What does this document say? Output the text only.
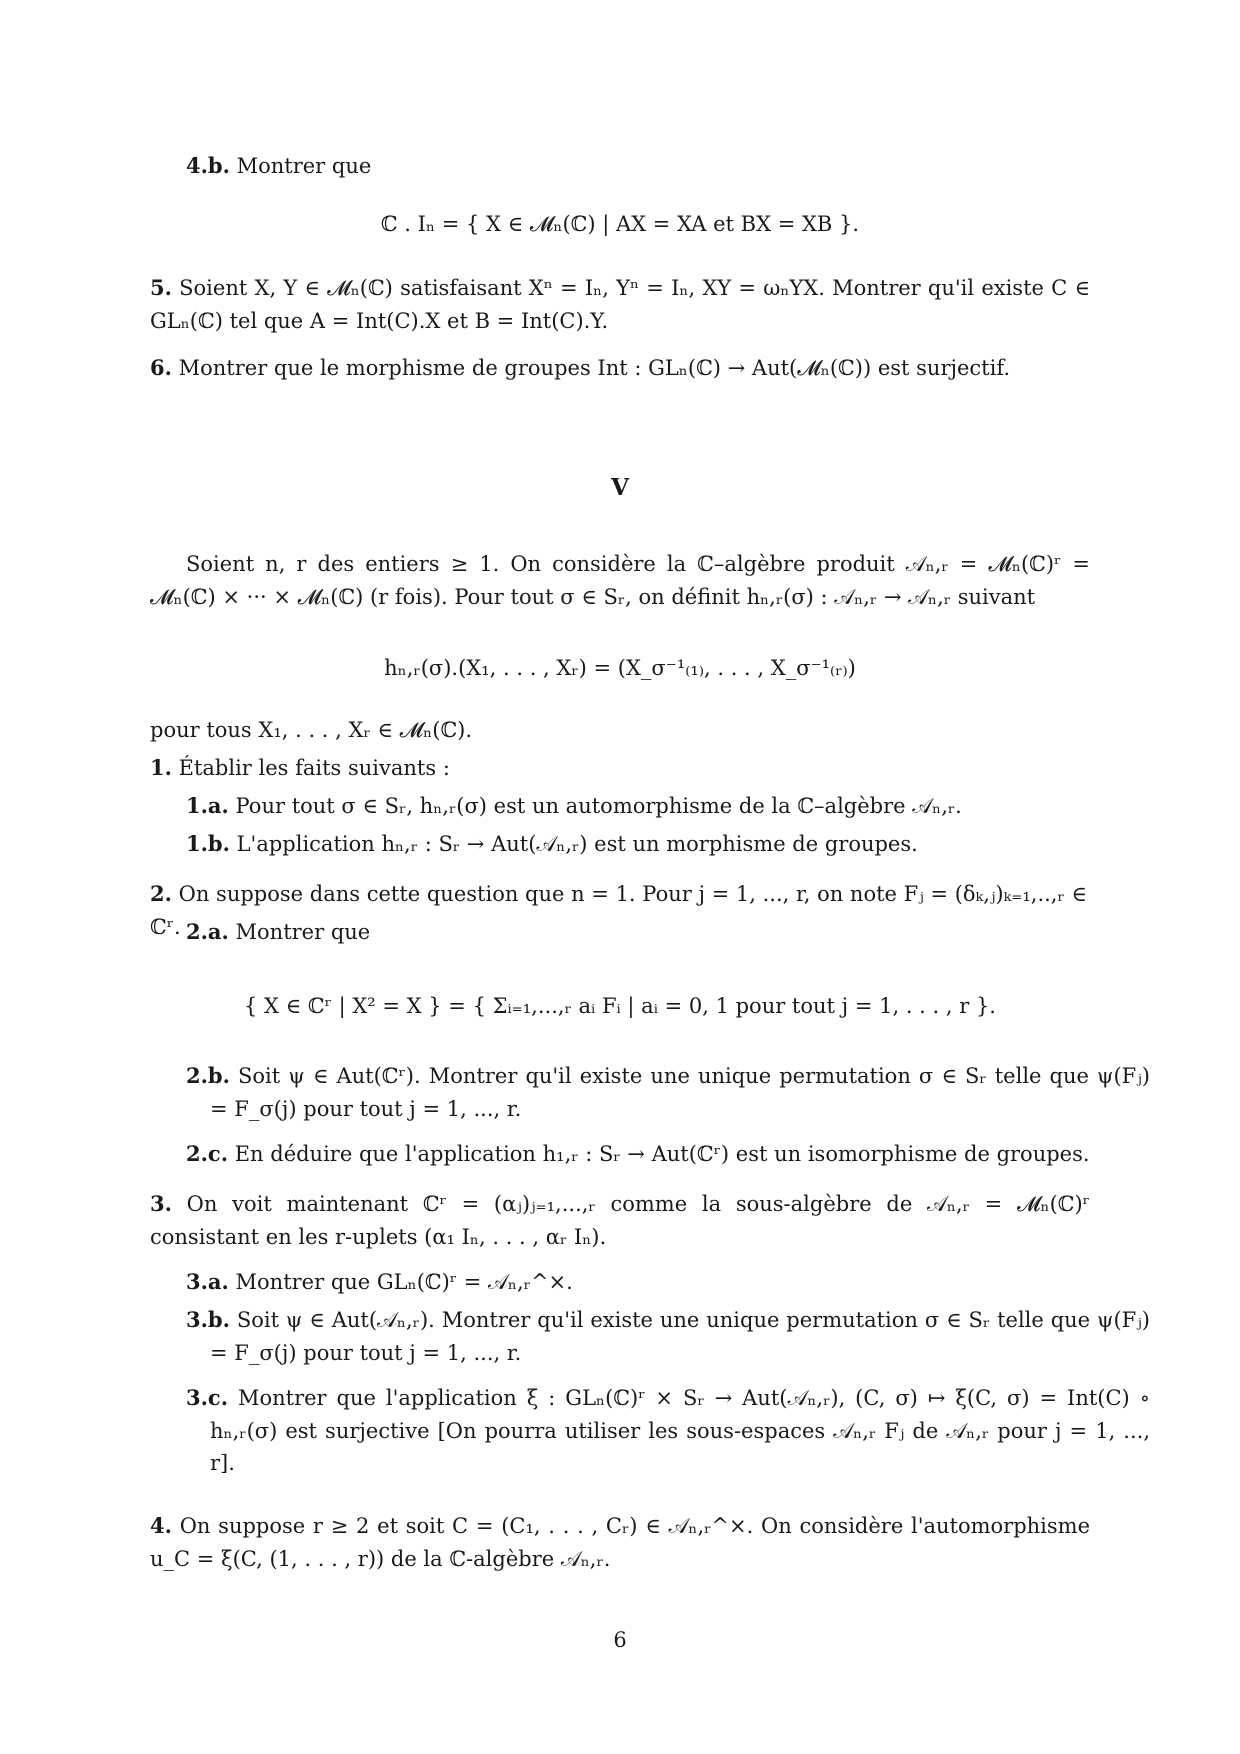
4.b. Montrer que

ℂ . Iₙ = { X ∈ 𝓜ₙ(ℂ) | AX = XA et BX = XB }.

5. Soient X, Y ∈ 𝓜ₙ(ℂ) satisfaisant Xⁿ = Iₙ, Yⁿ = Iₙ, XY = ωₙYX. Montrer qu'il existe C ∈ GLₙ(ℂ) tel que A = Int(C).X et B = Int(C).Y.

6. Montrer que le morphisme de groupes Int : GLₙ(ℂ) → Aut(𝓜ₙ(ℂ)) est surjectif.

V

Soient n, r des entiers ≥ 1. On considère la ℂ–algèbre produit 𝒜ₙ,ᵣ = 𝓜ₙ(ℂ)ʳ = 𝓜ₙ(ℂ) × ··· × 𝓜ₙ(ℂ) (r fois). Pour tout σ ∈ Sᵣ, on définit hₙ,ᵣ(σ) : 𝒜ₙ,ᵣ → 𝒜ₙ,ᵣ suivant

hₙ,ᵣ(σ).(X₁, . . . , Xᵣ) = (X_σ⁻¹₍₁₎, . . . , X_σ⁻¹₍ᵣ₎)

pour tous X₁, . . . , Xᵣ ∈ 𝓜ₙ(ℂ).

1. Établir les faits suivants :

1.a. Pour tout σ ∈ Sᵣ, hₙ,ᵣ(σ) est un automorphisme de la ℂ–algèbre 𝒜ₙ,ᵣ.

1.b. L'application hₙ,ᵣ : Sᵣ → Aut(𝒜ₙ,ᵣ) est un morphisme de groupes.

2. On suppose dans cette question que n = 1. Pour j = 1, ..., r, on note Fⱼ = (δₖ,ⱼ)ₖ₌₁,..,ᵣ ∈ ℂʳ. 2.a. Montrer que

{ X ∈ ℂʳ | X² = X } = { Σᵢ₌₁,...,ᵣ aᵢ Fᵢ | aᵢ = 0, 1 pour tout j = 1, . . . , r }.

2.b. Soit ψ ∈ Aut(ℂʳ). Montrer qu'il existe une unique permutation σ ∈ Sᵣ telle que ψ(Fⱼ) = F_σ(j) pour tout j = 1, ..., r.

2.c. En déduire que l'application h₁,ᵣ : Sᵣ → Aut(ℂʳ) est un isomorphisme de groupes.

3. On voit maintenant ℂʳ = (αⱼ)ⱼ₌₁,...,ᵣ comme la sous-algèbre de 𝒜ₙ,ᵣ = 𝓜ₙ(ℂ)ʳ consistant en les r-uplets (α₁ Iₙ, . . . , αᵣ Iₙ).

3.a. Montrer que GLₙ(ℂ)ʳ = 𝒜ₙ,ᵣ^×.

3.b. Soit ψ ∈ Aut(𝒜ₙ,ᵣ). Montrer qu'il existe une unique permutation σ ∈ Sᵣ telle que ψ(Fⱼ) = F_σ(j) pour tout j = 1, ..., r.

3.c. Montrer que l'application ξ : GLₙ(ℂ)ʳ × Sᵣ → Aut(𝒜ₙ,ᵣ), (C, σ) ↦ ξ(C, σ) = Int(C) ∘ hₙ,ᵣ(σ) est surjective [On pourra utiliser les sous-espaces 𝒜ₙ,ᵣ Fⱼ de 𝒜ₙ,ᵣ pour j = 1, ..., r].

4. On suppose r ≥ 2 et soit C = (C₁, . . . , Cᵣ) ∈ 𝒜ₙ,ᵣ^×. On considère l'automorphisme u_C = ξ(C, (1, . . . , r)) de la ℂ-algèbre 𝒜ₙ,ᵣ.

6
